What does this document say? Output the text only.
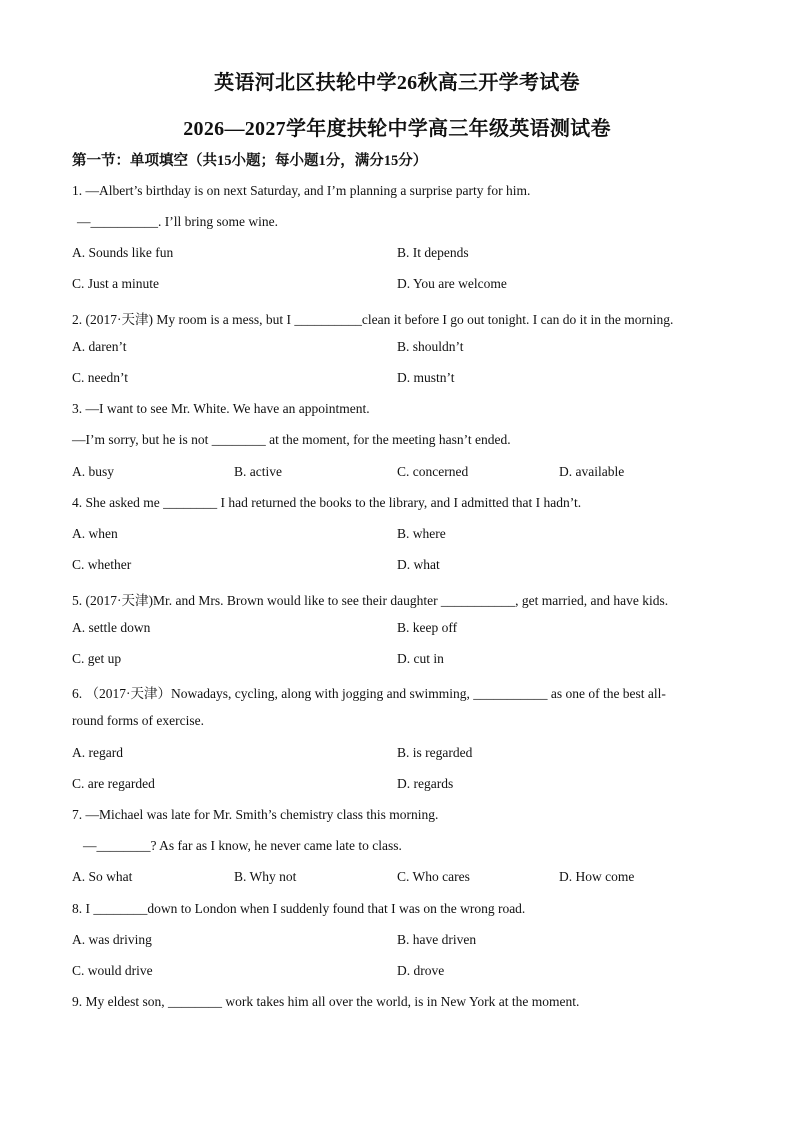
英语河北区扶轮中学26秋高三开学考试卷
2026—2027学年度扶轮中学高三年级英语测试卷
第一节：单项填空（共15小题；每小题1分，满分15分）
1. —Albert’s birthday is on next Saturday, and I’m planning a surprise party for him.
—__________. I’ll bring some wine.
A. Sounds like fun	B. It depends
C. Just a minute	D. You are welcome
2. (2017·天津) My room is a mess, but I __________clean it before I go out tonight. I can do it in the morning.
A. daren’t	B. shouldn’t
C. needn’t	D. mustn’t
3. —I want to see Mr. White. We have an appointment.
—I’m sorry, but he is not ________ at the moment, for the meeting hasn’t ended.
A. busy	B. active	C. concerned	D. available
4. She asked me ________ I had returned the books to the library, and I admitted that I hadn’t.
A. when	B. where
C. whether	D. what
5. (2017·天津)Mr. and Mrs. Brown would like to see their daughter ___________, get married, and have kids.
A. settle down	B. keep off
C. get up	D. cut in
6. （2017·天津）Nowadays, cycling, along with jogging and swimming, ___________ as one of the best all-
round forms of exercise.
A. regard	B. is regarded
C. are regarded	D. regards
7. —Michael was late for Mr. Smith’s chemistry class this morning.
—________? As far as I know, he never came late to class.
A. So what	B. Why not	C. Who cares	D. How come
8. I ________down to London when I suddenly found that I was on the wrong road.
A. was driving	B. have driven
C. would drive	D. drove
9. My eldest son, ________ work takes him all over the world, is in New York at the moment.
